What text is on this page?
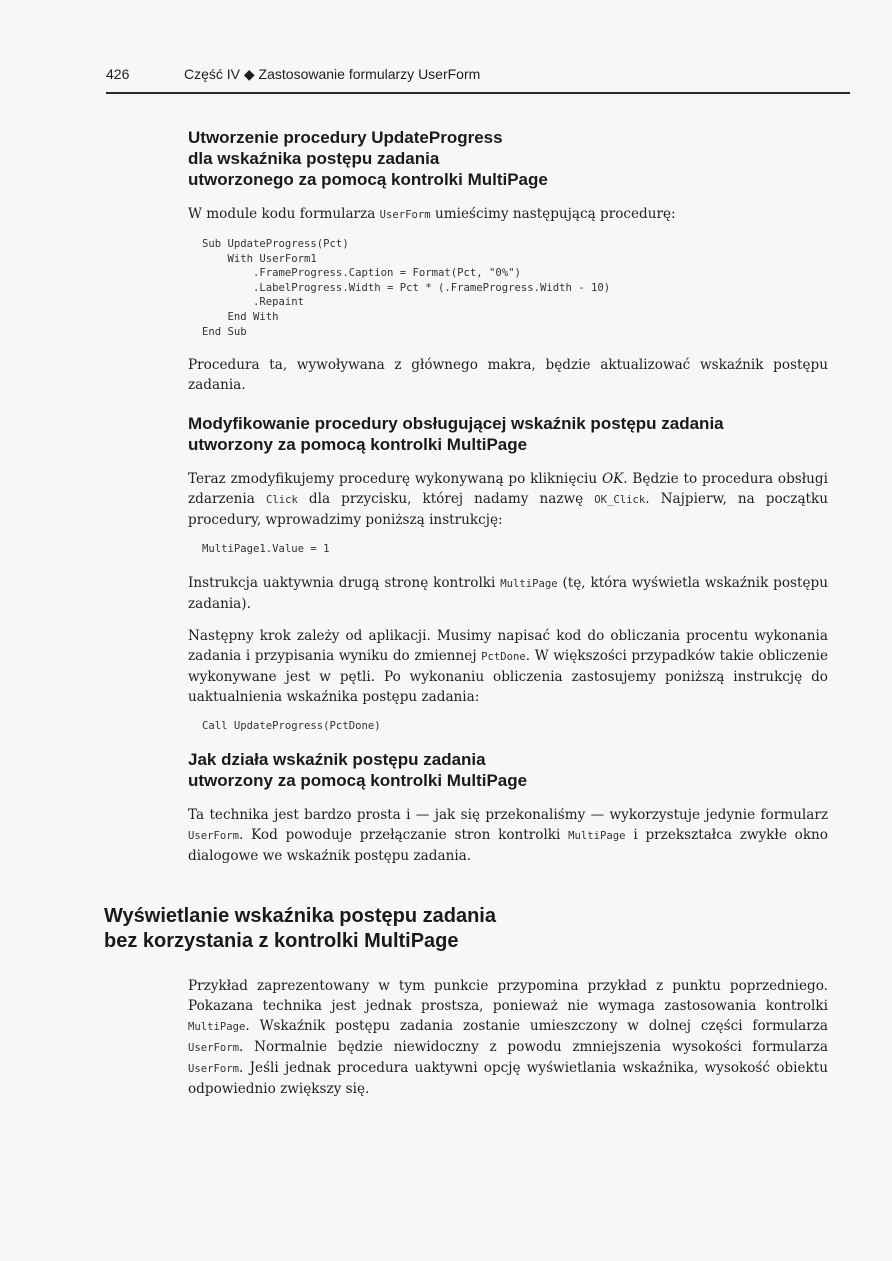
426	Część IV ◆ Zastosowanie formularzy UserForm
Utworzenie procedury UpdateProgress
dla wskaźnika postępu zadania
utworzonego za pomocą kontrolki MultiPage

W module kodu formularza UserForm umieścimy następującą procedurę:

Sub UpdateProgress(Pct)
With UserForm1
.FrameProgress.Caption = Format(Pct, "0%")
.LabelProgress.Width = Pct * (.FrameProgress.Width - 10)
.Repaint
End With
End Sub

Procedura ta, wywoływana z głównego makra, będzie aktualizować wskaźnik postępu zadania.

Modyfikowanie procedury obsługującej wskaźnik postępu zadania
utworzony za pomocą kontrolki MultiPage

Teraz zmodyfikujemy procedurę wykonywaną po kliknięciu OK. Będzie to procedura obsługi zdarzenia Click dla przycisku, której nadamy nazwę OK_Click. Najpierw, na początku procedury, wprowadzimy poniższą instrukcję:

MultiPage1.Value = 1

Instrukcja uaktywnia drugą stronę kontrolki MultiPage (tę, która wyświetla wskaźnik postępu zadania).

Następny krok zależy od aplikacji. Musimy napisać kod do obliczania procentu wykonania zadania i przypisania wyniku do zmiennej PctDone. W większości przypadków takie obliczenie wykonywane jest w pętli. Po wykonaniu obliczenia zastosujemy poniższą instrukcję do uaktualnienia wskaźnika postępu zadania:

Call UpdateProgress(PctDone)
Jak działa wskaźnik postępu zadania
utworzony za pomocą kontrolki MultiPage

Ta technika jest bardzo prosta i — jak się przekonaliśmy — wykorzystuje jedynie formularz UserForm. Kod powoduje przełączanie stron kontrolki MultiPage i przekształca zwykłe okno dialogowe we wskaźnik postępu zadania.

Wyświetlanie wskaźnika postępu zadania
bez korzystania z kontrolki MultiPage

Przykład zaprezentowany w tym punkcie przypomina przykład z punktu poprzedniego. Pokazana technika jest jednak prostsza, ponieważ nie wymaga zastosowania kontrolki MultiPage. Wskaźnik postępu zadania zostanie umieszczony w dolnej części formularza UserForm. Normalnie będzie niewidoczny z powodu zmniejszenia wysokości formularza UserForm. Jeśli jednak procedura uaktywni opcję wyświetlania wskaźnika, wysokość obiektu odpowiednio zwiększy się.
